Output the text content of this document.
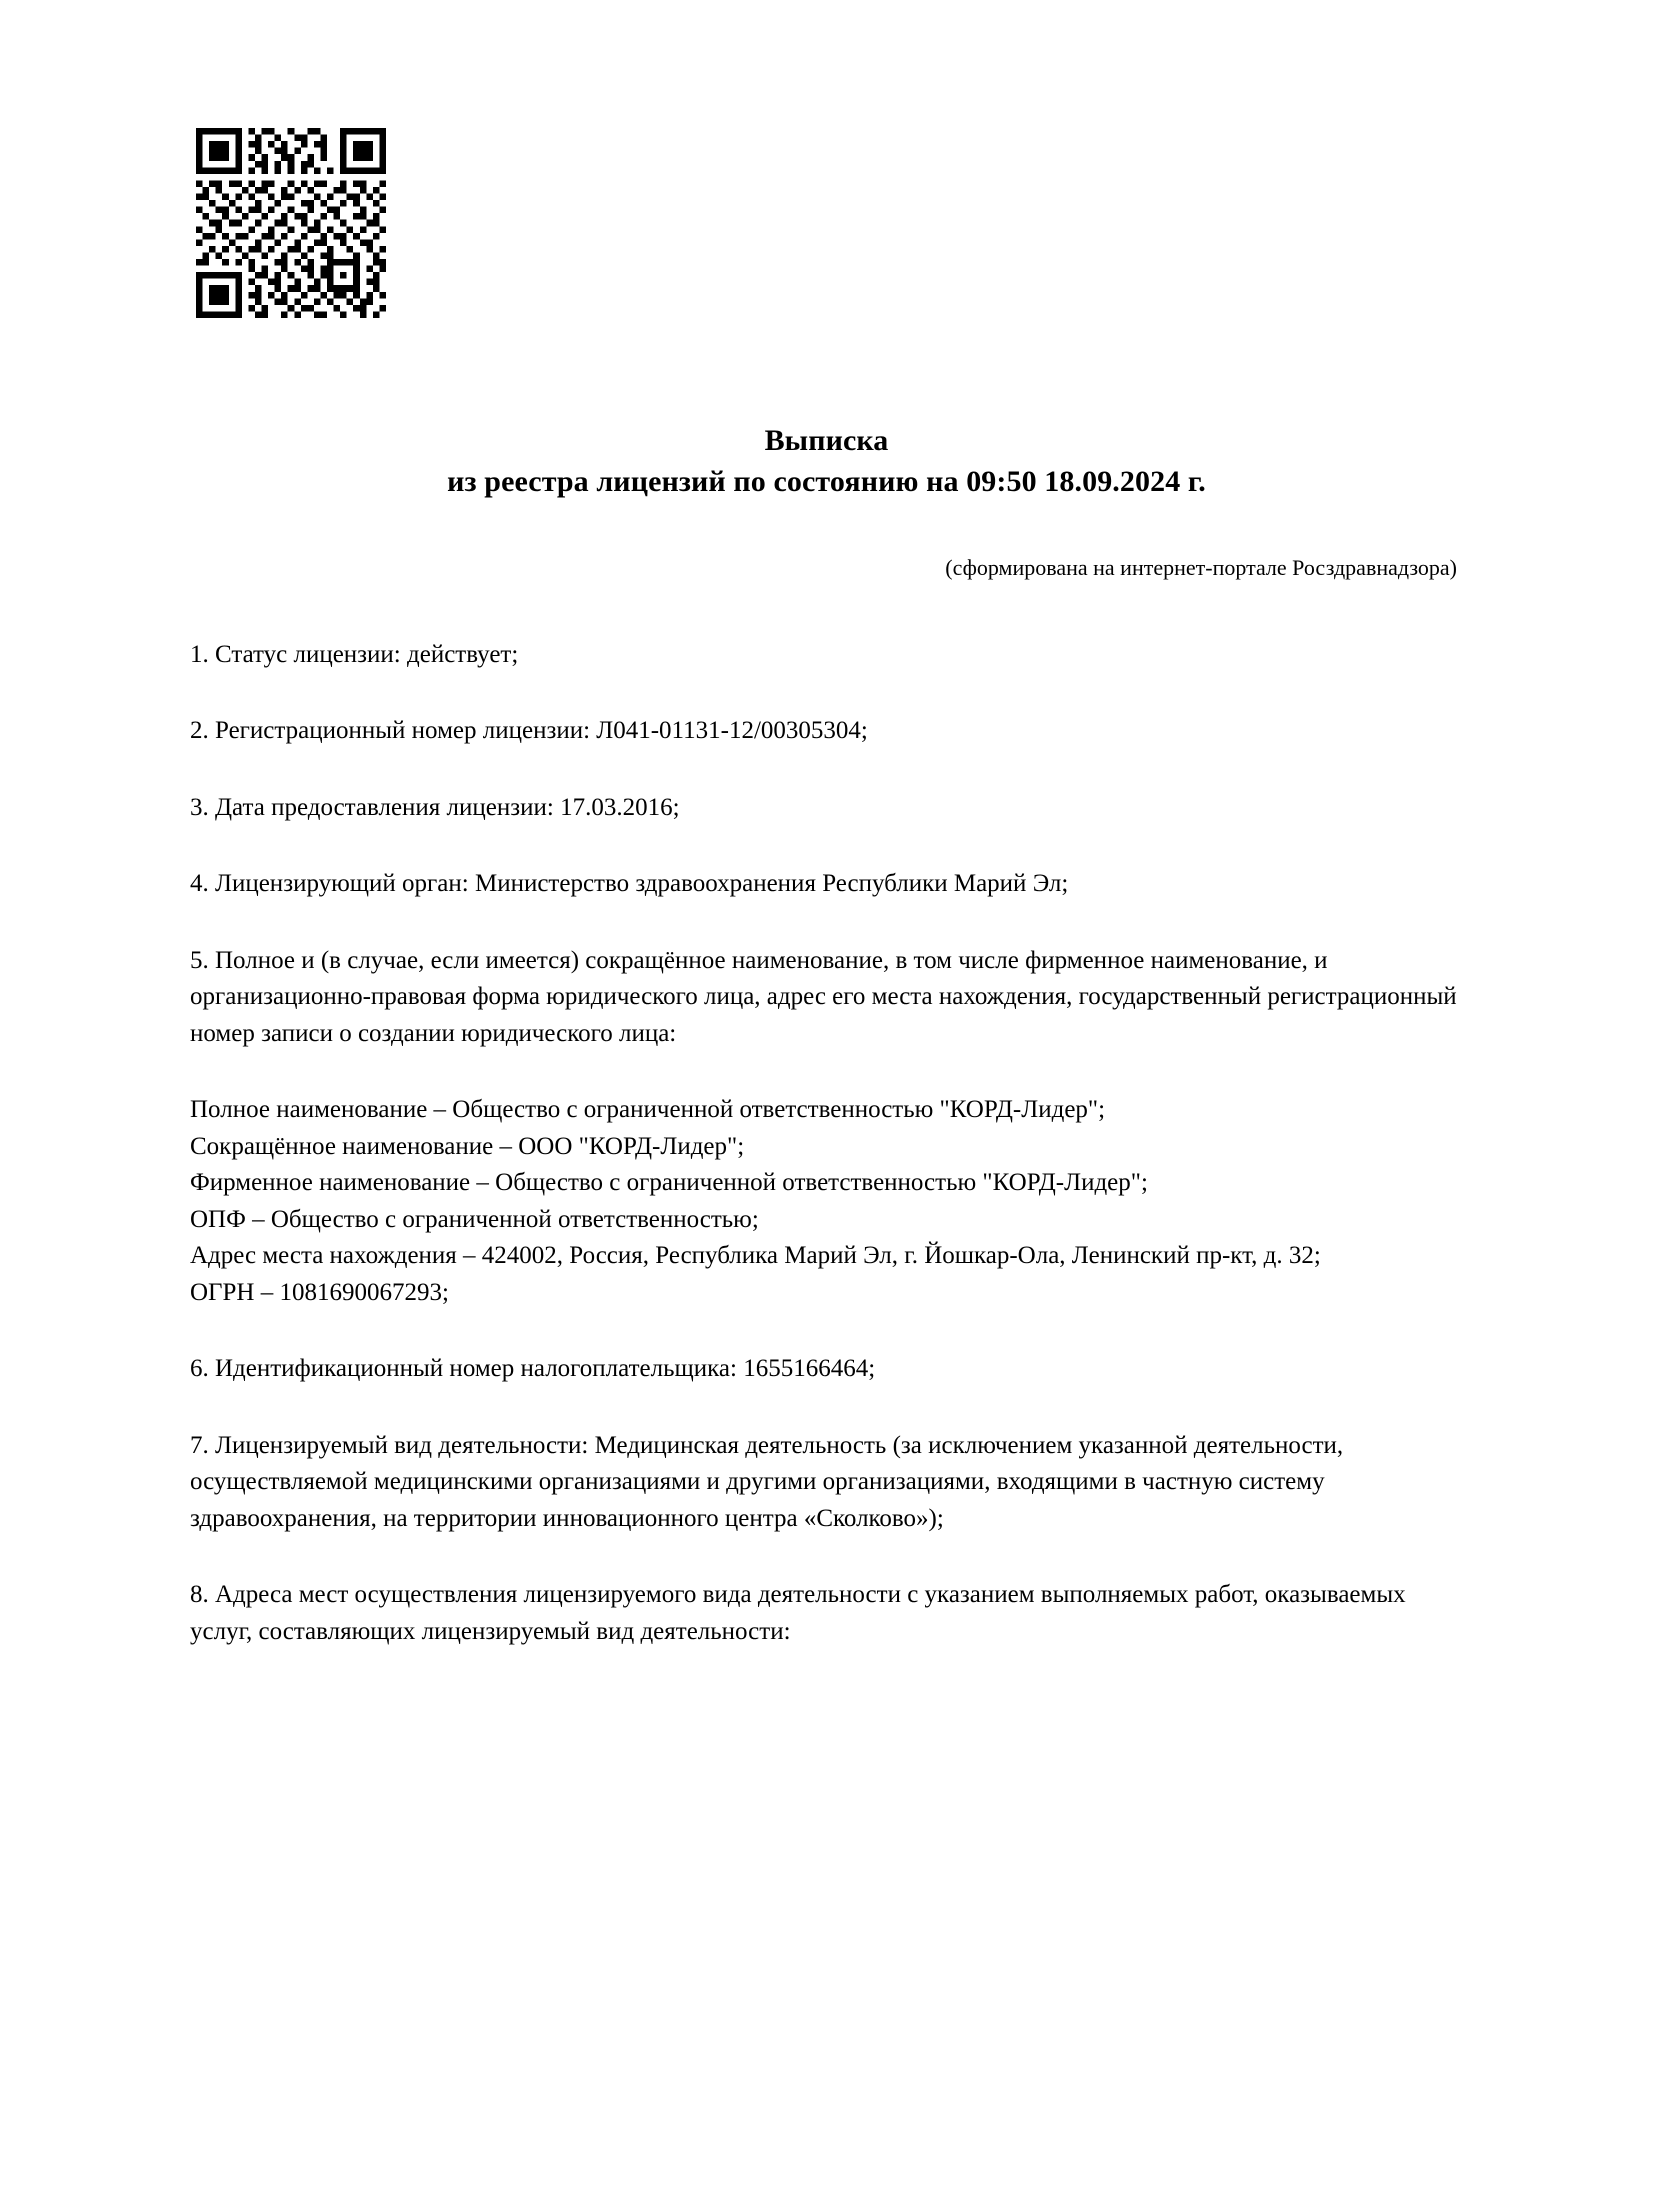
Выписка
из реестра лицензий по состоянию на 09:50 18.09.2024 г.
(сформирована на интернет-портале Росздравнадзора)

1. Статус лицензии: действует;

2. Регистрационный номер лицензии: Л041-01131-12/00305304;

3. Дата предоставления лицензии: 17.03.2016;

4. Лицензирующий орган: Министерство здравоохранения Республики Марий Эл;

5. Полное и (в случае, если имеется) сокращённое наименование, в том числе фирменное наименование, и организационно-правовая форма юридического лица, адрес его места нахождения, государственный регистрационный номер записи о создании юридического лица:

Полное наименование – Общество с ограниченной ответственностью "КОРД-Лидер";

Сокращённое наименование – ООО "КОРД-Лидер";

Фирменное наименование – Общество с ограниченной ответственностью "КОРД-Лидер";

ОПФ – Общество с ограниченной ответственностью;

Адрес места нахождения – 424002, Россия, Республика Марий Эл, г. Йошкар-Ола, Ленинский пр-кт, д. 32;

ОГРН – 1081690067293;

6. Идентификационный номер налогоплательщика: 1655166464;

7. Лицензируемый вид деятельности: Медицинская деятельность (за исключением указанной деятельности, осуществляемой медицинскими организациями и другими организациями, входящими в частную систему здравоохранения, на территории инновационного центра «Сколково»);

8. Адреса мест осуществления лицензируемого вида деятельности с указанием выполняемых работ, оказываемых услуг, составляющих лицензируемый вид деятельности:
